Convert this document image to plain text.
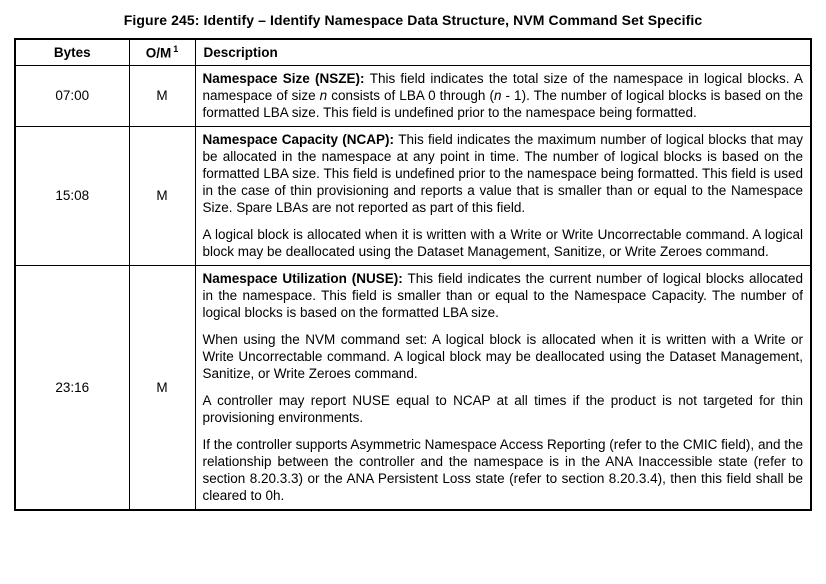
Figure 245: Identify – Identify Namespace Data Structure, NVM Command Set Specific
Bytes	O/M $^1$	Description
07:00	M	Namespace Size (NSZE): This field indicates the total size of the namespace in logical blocks. A namespace of size n consists of LBA 0 through (n - 1). The number of logical blocks is based on the formatted LBA size. This field is undefined prior to the namespace being formatted.

15:08	M	Namespace Capacity (NCAP): This field indicates the maximum number of logical blocks that may be allocated in the namespace at any point in time. The number of logical blocks is based on the formatted LBA size. This field is undefined prior to the namespace being formatted. This field is used in the case of thin provisioning and reports a value that is smaller than or equal to the Namespace Size. Spare LBAs are not reported as part of this field.

A logical block is allocated when it is written with a Write or Write Uncorrectable command. A logical block may be deallocated using the Dataset Management, Sanitize, or Write Zeroes command.

23:16	M	Namespace Utilization (NUSE): This field indicates the current number of logical blocks allocated in the namespace. This field is smaller than or equal to the Namespace Capacity. The number of logical blocks is based on the formatted LBA size.

When using the NVM command set: A logical block is allocated when it is written with a Write or Write Uncorrectable command. A logical block may be deallocated using the Dataset Management, Sanitize, or Write Zeroes command.

A controller may report NUSE equal to NCAP at all times if the product is not targeted for thin provisioning environments.

If the controller supports Asymmetric Namespace Access Reporting (refer to the CMIC field), and the relationship between the controller and the namespace is in the ANA Inaccessible state (refer to section 8.20.3.3) or the ANA Persistent Loss state (refer to section 8.20.3.4), then this field shall be cleared to 0h.
